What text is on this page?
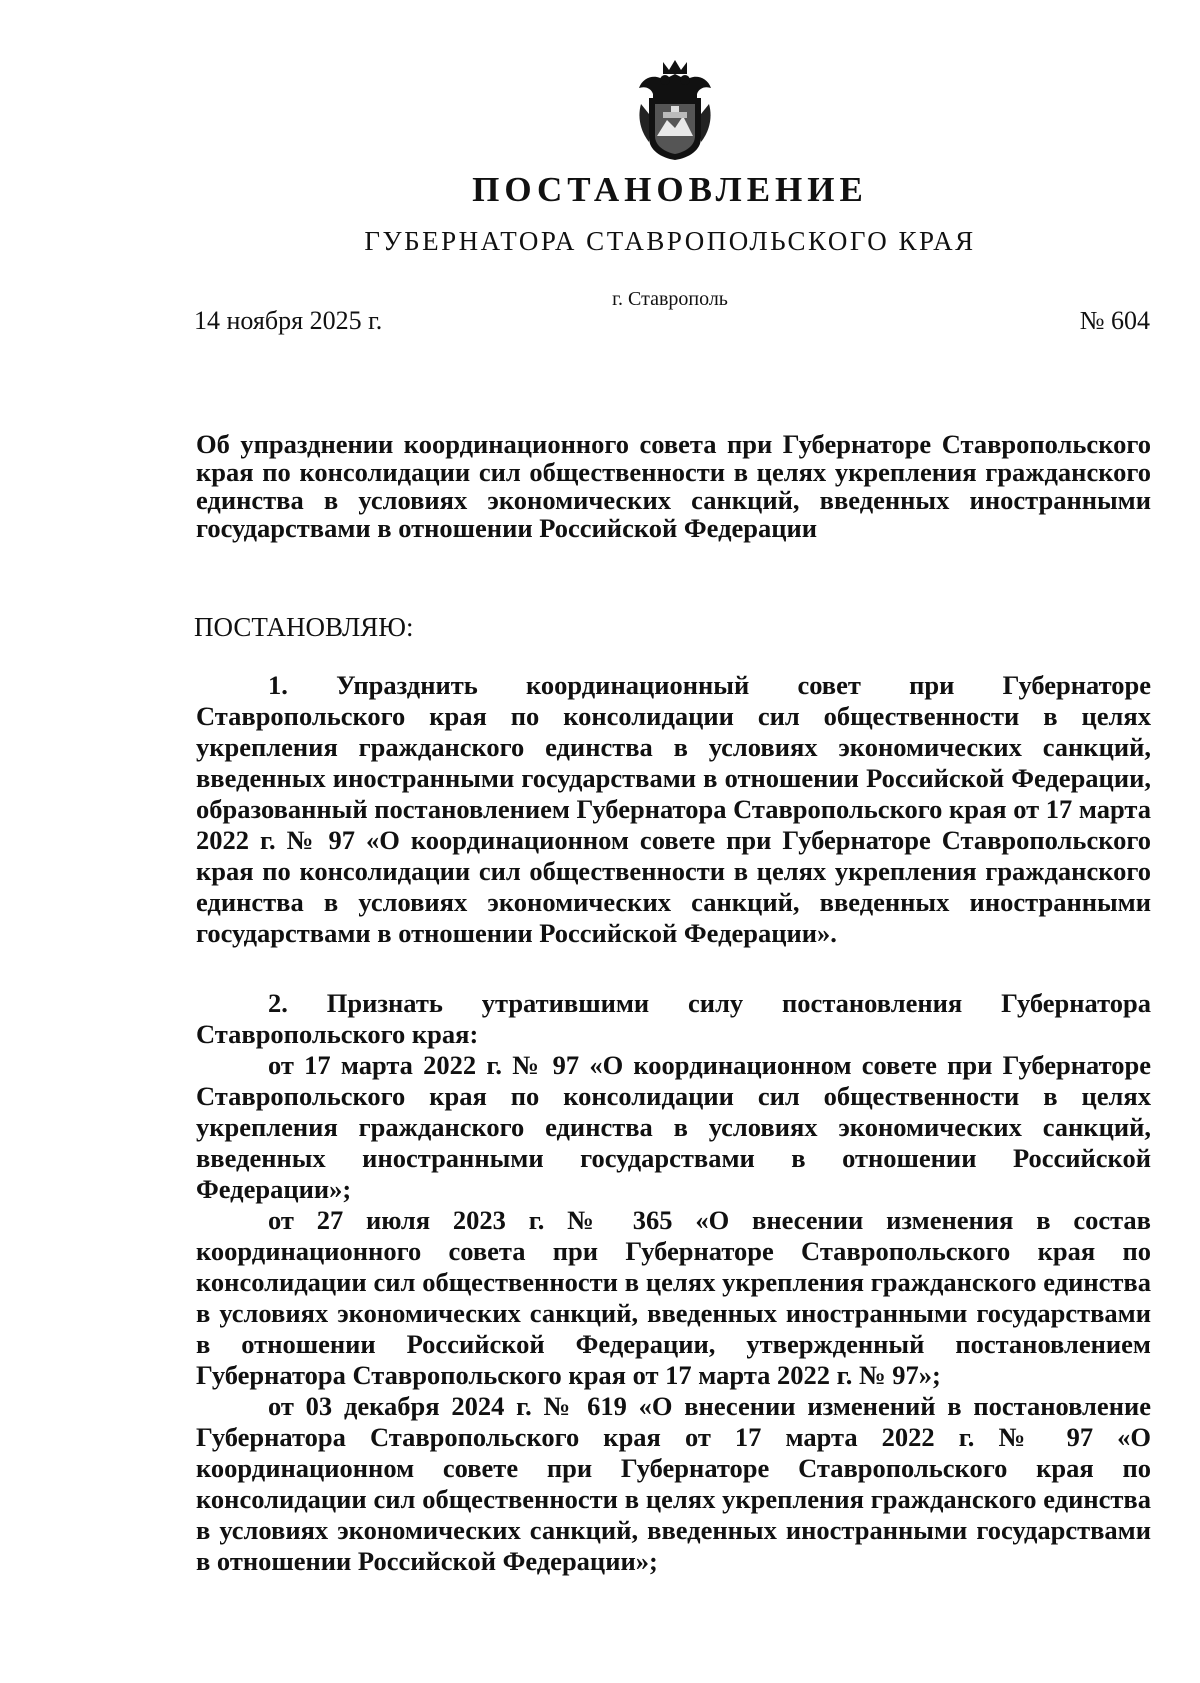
ПОСТАНОВЛЕНИЕ
ГУБЕРНАТОРА СТАВРОПОЛЬСКОГО КРАЯ
г. Ставрополь
14 ноября 2025 г.	№ 604
Об упразднении координационного совета при Губернаторе Ставропольского края по консолидации сил общественности в целях укрепления гражданского единства в условиях экономических санкций, введенных иностранными государствами в отношении Российской Федерации
ПОСТАНОВЛЯЮ:

1. Упразднить координационный совет при Губернаторе Ставропольского края по консолидации сил общественности в целях укрепления гражданского единства в условиях экономических санкций, введенных иностранными государствами в отношении Российской Федерации, образованный постановлением Губернатора Ставропольского края от 17 марта 2022 г. № 97 «О координационном совете при Губернаторе Ставропольского края по консолидации сил общественности в целях укрепления гражданского единства в условиях экономических санкций, введенных иностранными государствами в отношении Российской Федерации».

2. Признать утратившими силу постановления Губернатора Ставропольского края:

от 17 марта 2022 г. № 97 «О координационном совете при Губернаторе Ставропольского края по консолидации сил общественности в целях укрепления гражданского единства в условиях экономических санкций, введенных иностранными государствами в отношении Российской Федерации»;

от 27 июля 2023 г. № 365 «О внесении изменения в состав координационного совета при Губернаторе Ставропольского края по консолидации сил общественности в целях укрепления гражданского единства в условиях экономических санкций, введенных иностранными государствами в отношении Российской Федерации, утвержденный постановлением Губернатора Ставропольского края от 17 марта 2022 г. № 97»;

от 03 декабря 2024 г. № 619 «О внесении изменений в постановление Губернатора Ставропольского края от 17 марта 2022 г. № 97 «О координационном совете при Губернаторе Ставропольского края по консолидации сил общественности в целях укрепления гражданского единства в условиях экономических санкций, введенных иностранными государствами в отношении Российской Федерации»;
